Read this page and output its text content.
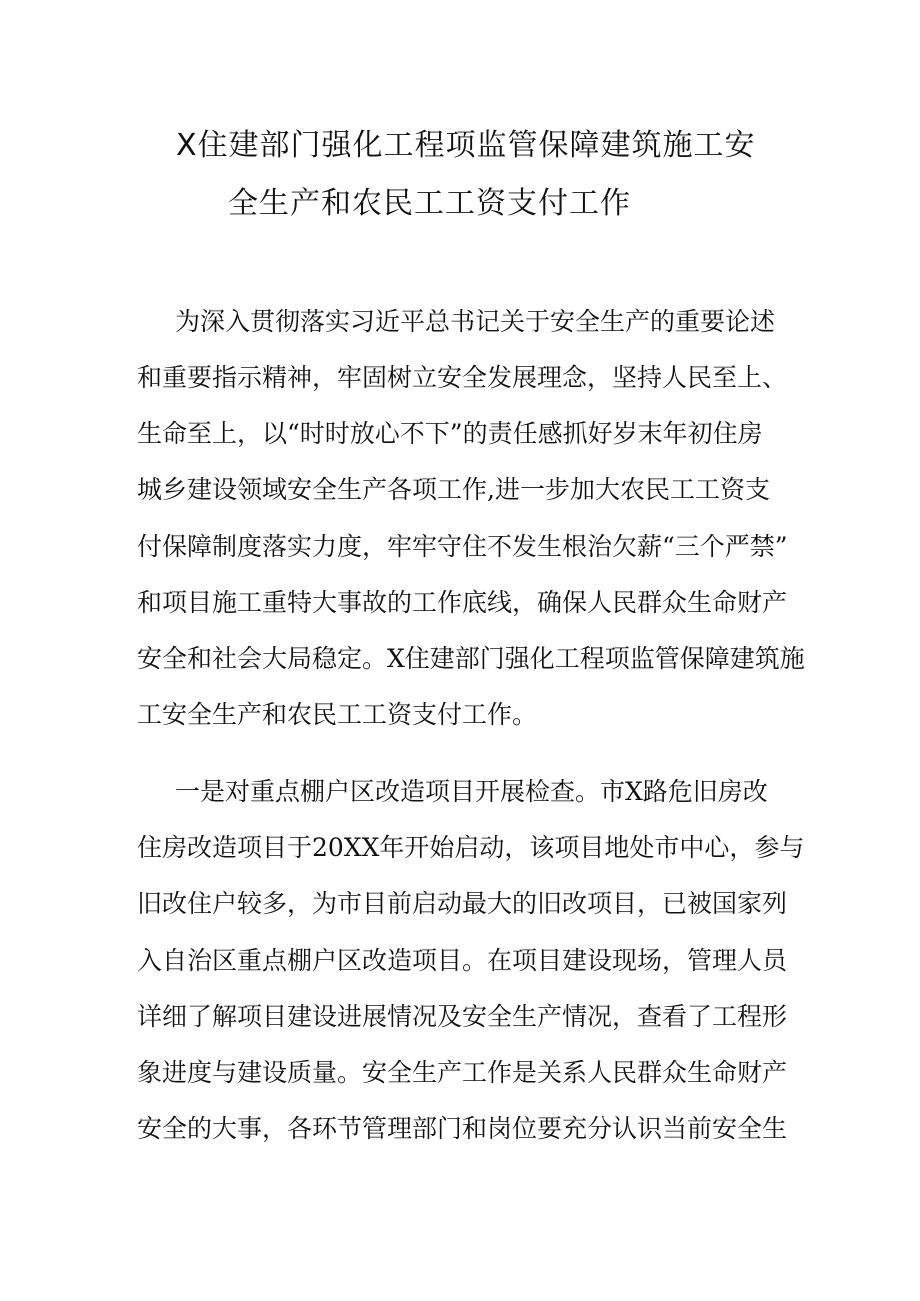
X住建部门强化工程项监管保障建筑施工安
全生产和农民工工资支付工作
为深入贯彻落实习近平总书记关于安全生产的重要论述
和重要指示精神，牢固树立安全发展理念，坚持人民至上、
生命至上，以“时时放心不下”的责任感抓好岁末年初住房
城乡建设领域安全生产各项工作,进一步加大农民工工资支
付保障制度落实力度，牢牢守住不发生根治欠薪“三个严禁”
和项目施工重特大事故的工作底线，确保人民群众生命财产
安全和社会大局稳定。X住建部门强化工程项监管保障建筑施
工安全生产和农民工工资支付工作。
一是对重点棚户区改造项目开展检查。市X路危旧房改
住房改造项目于20XX年开始启动，该项目地处市中心，参与
旧改住户较多，为市目前启动最大的旧改项目，已被国家列
入自治区重点棚户区改造项目。在项目建设现场，管理人员
详细了解项目建设进展情况及安全生产情况，查看了工程形
象进度与建设质量。安全生产工作是关系人民群众生命财产
安全的大事，各环节管理部门和岗位要充分认识当前安全生
